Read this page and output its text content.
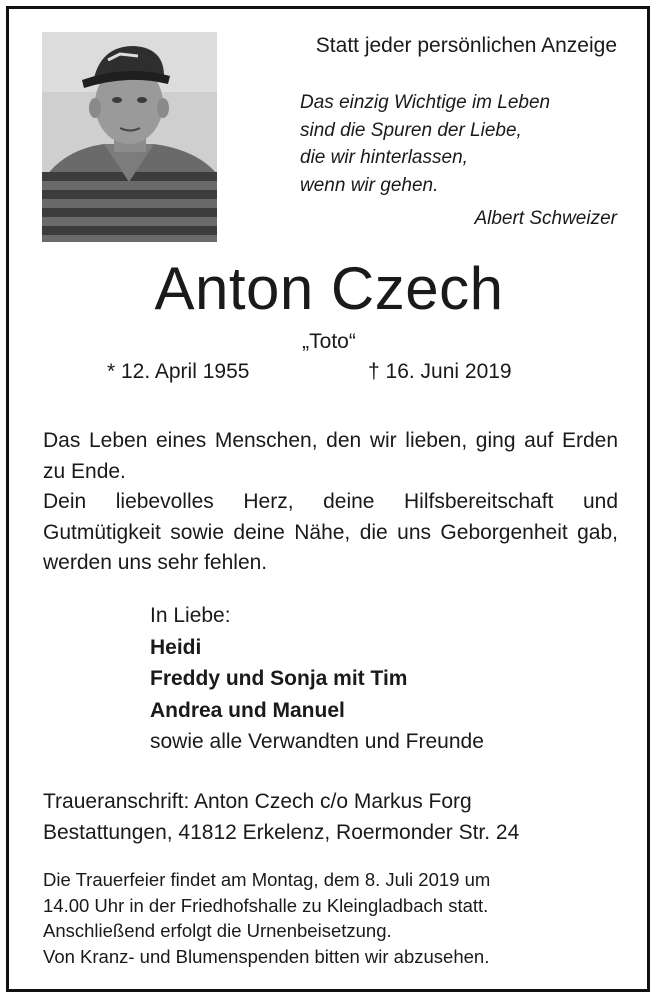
Statt jeder persönlichen Anzeige
Das einzig Wichtige im Leben
sind die Spuren der Liebe,
die wir hinterlassen,
wenn wir gehen.
Albert Schweizer
Anton Czech
„Toto“
* 12. April 1955	† 16. Juni 2019

Das Leben eines Menschen, den wir lieben, ging auf Erden zu Ende.

Dein liebevolles Herz, deine Hilfsbereitschaft und Gutmütigkeit sowie deine Nähe, die uns Geborgenheit gab, werden uns sehr fehlen.

In Liebe:
Heidi
Freddy und Sonja mit Tim
Andrea und Manuel
sowie alle Verwandten und Freunde
Traueranschrift: Anton Czech c/o Markus Forg
Bestattungen, 41812 Erkelenz, Roermonder Str. 24
Die Trauerfeier findet am Montag, dem 8. Juli 2019 um
14.00 Uhr in der Friedhofshalle zu Kleingladbach statt.
Anschließend erfolgt die Urnenbeisetzung.
Von Kranz- und Blumenspenden bitten wir abzusehen.
